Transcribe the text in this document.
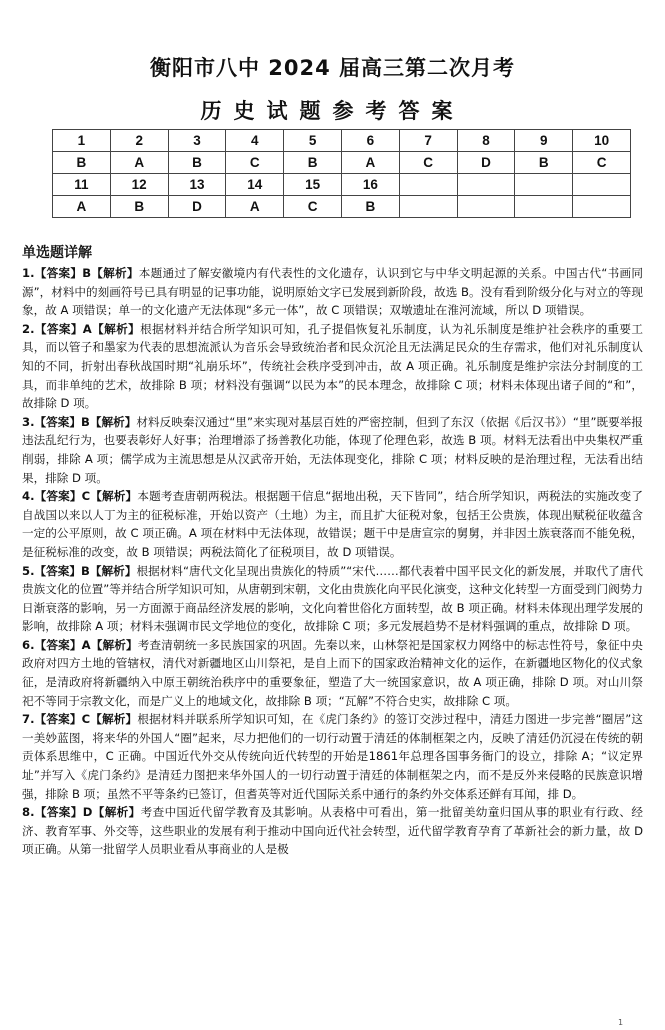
衡阳市八中 2024 届高三第二次月考
历史试题参考答案
1	2	3	4	5	6	7	8	9	10
B	A	B	C	B	A	C	D	B	C
11	12	13	14	15	16				
A	B	D	A	C	B				
单选题详解

1.【答案】B【解析】本题通过了解安徽境内有代表性的文化遗存，认识到它与中华文明起源的关系。中国古代“书画同源”，材料中的刻画符号已具有明显的记事功能，说明原始文字已发展到新阶段，故选 B。没有看到阶级分化与对立的等现象，故 A 项错误；单一的文化遗产无法体现“多元一体”，故 C 项错误；双墩遗址在淮河流域，所以 D 项错误。

2.【答案】A【解析】根据材料并结合所学知识可知，孔子提倡恢复礼乐制度，认为礼乐制度是维护社会秩序的重要工具，而以管子和墨家为代表的思想流派认为音乐会导致统治者和民众沉沦且无法满足民众的生存需求，他们对礼乐制度认知的不同，折射出春秋战国时期“礼崩乐坏”，传统社会秩序受到冲击，故 A 项正确。礼乐制度是维护宗法分封制度的工具，而非单纯的艺术，故排除 B 项；材料没有强调“以民为本”的民本理念，故排除 C 项；材料未体现出诸子间的“和”，故排除 D 项。

3.【答案】B【解析】材料反映秦汉通过“里”来实现对基层百姓的严密控制，但到了东汉（依据《后汉书》）“里”既要举报违法乱纪行为，也要表彰好人好事；治理增添了扬善教化功能，体现了伦理色彩，故选 B 项。材料无法看出中央集权严重削弱，排除 A 项；儒学成为主流思想是从汉武帝开始，无法体现变化，排除 C 项；材料反映的是治理过程，无法看出结果，排除 D 项。

4.【答案】C【解析】本题考查唐朝两税法。根据题干信息“据地出税，天下皆同”，结合所学知识，两税法的实施改变了自战国以来以人丁为主的征税标准，开始以资产（土地）为主，而且扩大征税对象，包括王公贵族，体现出赋税征收蕴含一定的公平原则，故 C 项正确。A 项在材料中无法体现，故错误；题干中是唐宣宗的舅舅，并非因土族衰落而不能免税，是征税标准的改变，故 B 项错误；两税法简化了征税项目，故 D 项错误。

5.【答案】B【解析】根据材料“唐代文化呈现出贵族化的特质”“宋代……都代表着中国平民文化的新发展，并取代了唐代贵族文化的位置”等并结合所学知识可知，从唐朝到宋朝，文化由贵族化向平民化演变，这种文化转型一方面受到门阀势力日渐衰落的影响，另一方面源于商品经济发展的影响，文化向着世俗化方面转型，故 B 项正确。材料未体现出理学发展的影响，故排除 A 项；材料未强调市民文学地位的变化，故排除 C 项；多元发展趋势不是材料强调的重点，故排除 D 项。

6.【答案】A【解析】考查清朝统一多民族国家的巩固。先秦以来，山林祭祀是国家权力网络中的标志性符号，象征中央政府对四方土地的管辖权，清代对新疆地区山川祭祀，是自上而下的国家政治精神文化的运作，在新疆地区物化的仪式象征，是清政府将新疆纳入中原王朝统治秩序中的重要象征，塑造了大一统国家意识，故 A 项正确，排除 D 项。对山川祭祀不等同于宗教文化，而是广义上的地域文化，故排除 B 项；“瓦解”不符合史实，故排除 C 项。

7.【答案】C【解析】根据材料并联系所学知识可知，在《虎门条约》的签订交涉过程中，清廷力图进一步完善“圈居”这一美妙蓝图，将来华的外国人“圈”起来，尽力把他们的一切行动置于清廷的体制框架之内，反映了清廷仍沉浸在传统的朝贡体系思维中，C 正确。中国近代外交从传统向近代转型的开始是1861年总理各国事务衙门的设立，排除 A；“议定界址”并写入《虎门条约》是清廷力图把来华外国人的一切行动置于清廷的体制框架之内，而不是反外来侵略的民族意识增强，排除 B 项；虽然不平等条约已签订，但耆英等对近代国际关系中通行的条约外交体系还鲜有耳闻，排 D。

8.【答案】D【解析】考查中国近代留学教育及其影响。从表格中可看出，第一批留美幼童归国从事的职业有行政、经济、教育军事、外交等，这些职业的发展有利于推动中国向近代社会转型，近代留学教育孕育了革新社会的新力量，故 D 项正确。从第一批留学人员职业看从事商业的人是极

1
